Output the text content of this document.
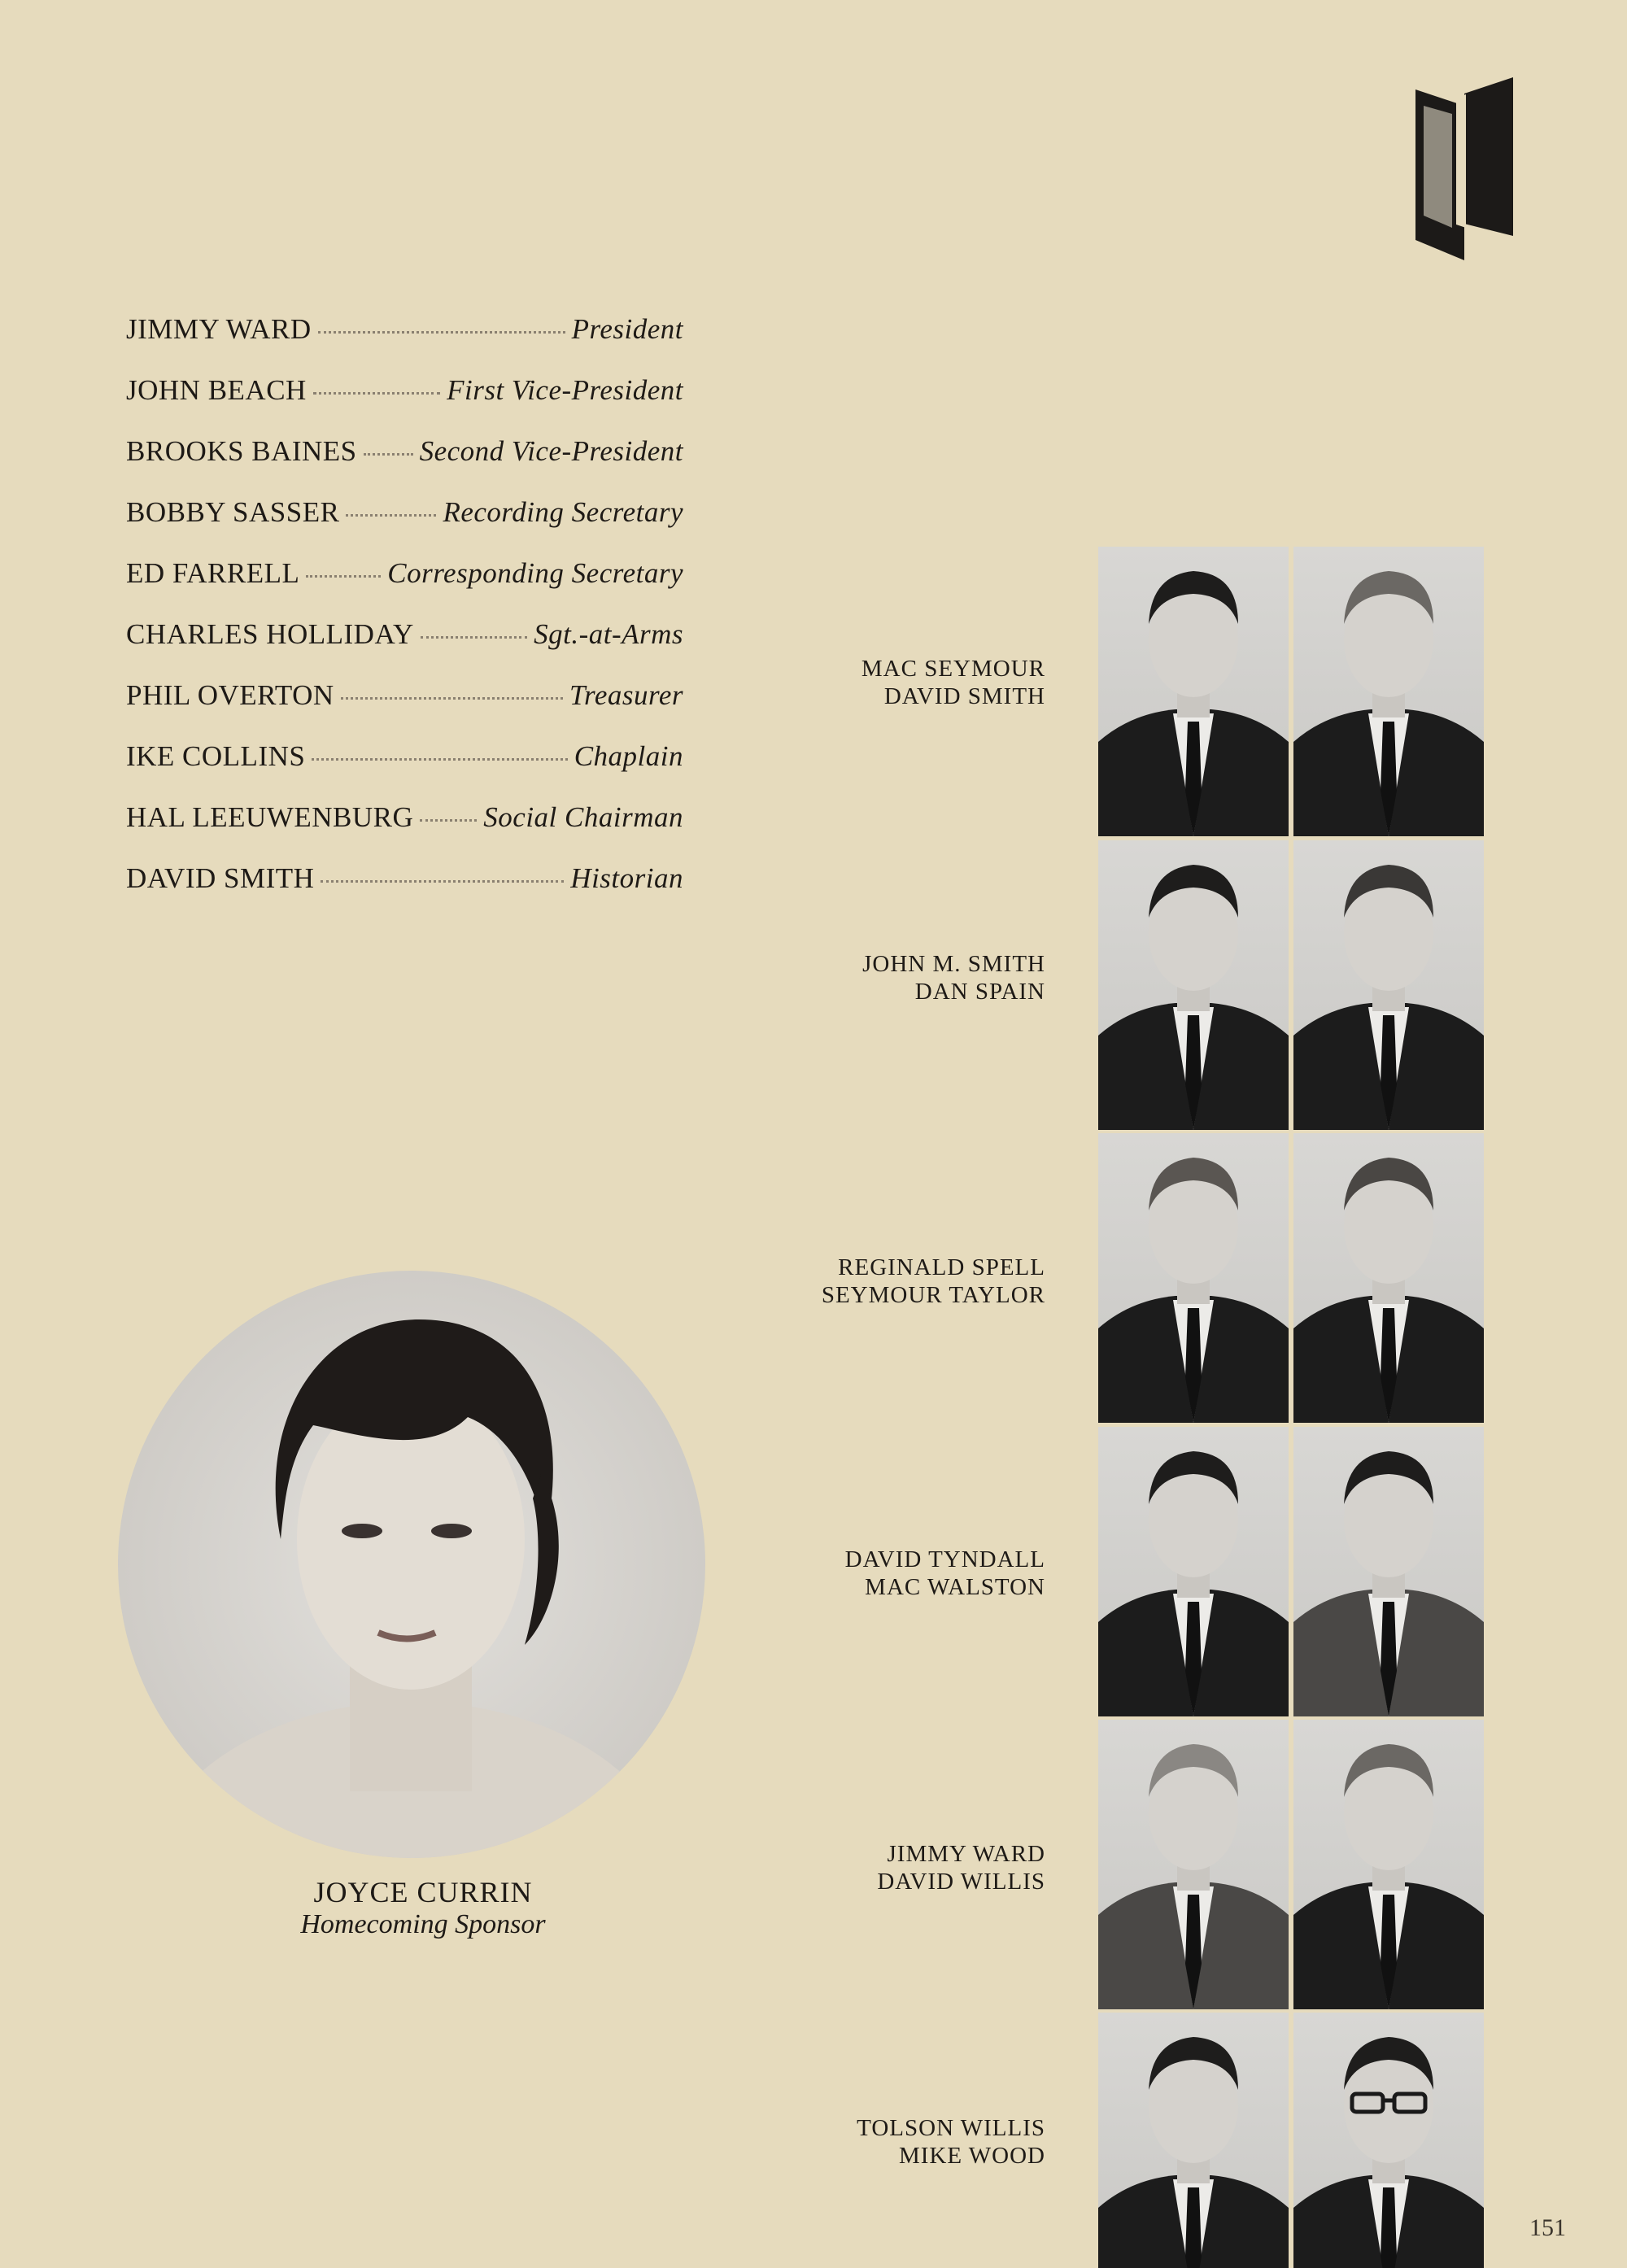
JIMMY WARD	President
JOHN BEACH	First Vice-President
BROOKS BAINES Second Vice-President
BOBBY SASSER	Recording Secretary
ED FARRELL	Corresponding Secretary
CHARLES HOLLIDAY	Sgt.-at-Arms
PHIL OVERTON	Treasurer
IKE COLLINS	Chaplain
HAL LEEUWENBURG Social Chairman
DAVID SMITH	Historian
JOYCE CURRIN
Homecoming Sponsor
MAC SEYMOUR
DAVID SMITH
JOHN M. SMITH
DAN SPAIN
REGINALD SPELL
SEYMOUR TAYLOR
DAVID TYNDALL
MAC WALSTON
JIMMY WARD
DAVID WILLIS
TOLSON WILLIS
MIKE WOOD
151
